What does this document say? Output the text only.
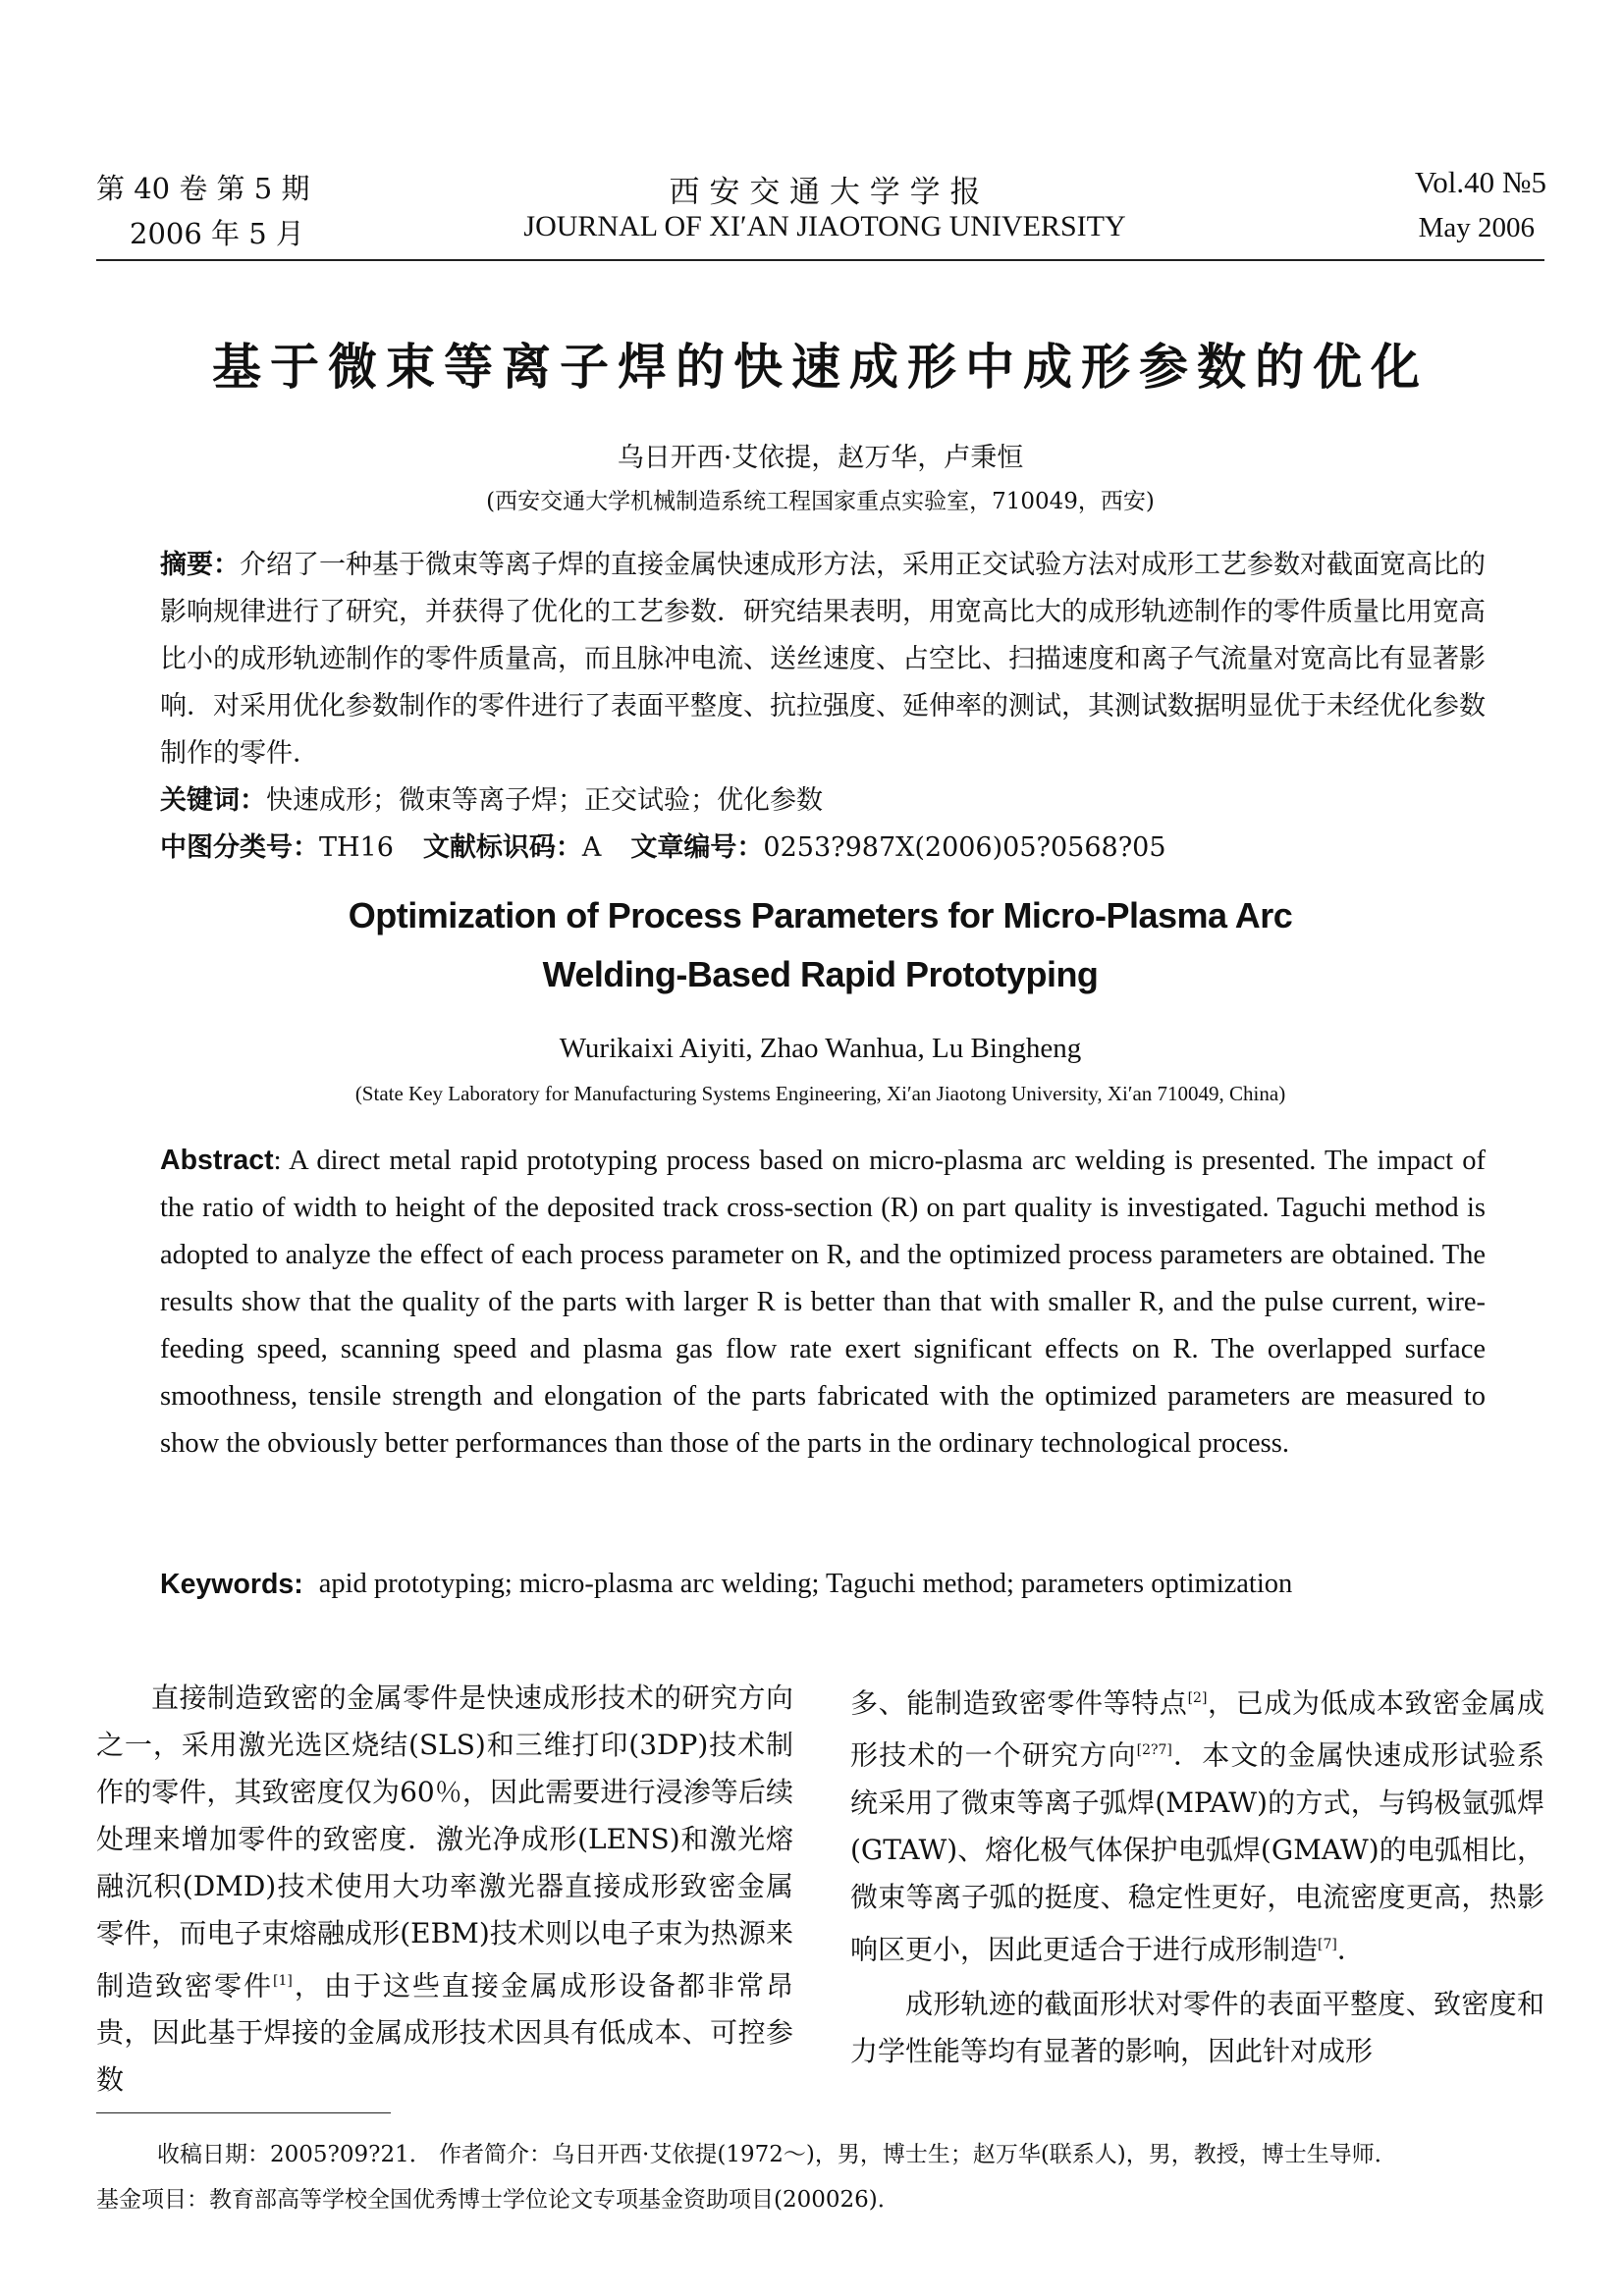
第 40 卷 第 5 期
2006 年 5 月
西 安 交 通 大 学 学 报
JOURNAL OF XI′AN JIAOTONG UNIVERSITY
Vol.40 №5
May 2006
基于微束等离子焊的快速成形中成形参数的优化
乌日开西·艾依提，赵万华，卢秉恒
(西安交通大学机械制造系统工程国家重点实验室，710049，西安)
摘要：介绍了一种基于微束等离子焊的直接金属快速成形方法，采用正交试验方法对成形工艺参数对截面宽高比的影响规律进行了研究，并获得了优化的工艺参数．研究结果表明，用宽高比大的成形轨迹制作的零件质量比用宽高比小的成形轨迹制作的零件质量高，而且脉冲电流、送丝速度、占空比、扫描速度和离子气流量对宽高比有显著影响．对采用优化参数制作的零件进行了表面平整度、抗拉强度、延伸率的测试，其测试数据明显优于未经优化参数制作的零件．
关键词：快速成形；微束等离子焊；正交试验；优化参数
中图分类号：TH16 文献标识码：A 文章编号：0253?987X(2006)05?0568?05
Optimization of Process Parameters for Micro-Plasma Arc
Welding-Based Rapid Prototyping
Wurikaixi Aiyiti, Zhao Wanhua, Lu Bingheng
(State Key Laboratory for Manufacturing Systems Engineering, Xi′an Jiaotong University, Xi′an 710049, China)
Abstract: A direct metal rapid prototyping process based on micro-plasma arc welding is presented. The impact of the ratio of width to height of the deposited track cross-section (R) on part quality is investigated. Taguchi method is adopted to analyze the effect of each process parameter on R, and the optimized process parameters are obtained. The results show that the quality of the parts with larger R is better than that with smaller R, and the pulse current, wire-feeding speed, scanning speed and plasma gas flow rate exert significant effects on R. The overlapped surface smoothness, tensile strength and elongation of the parts fabricated with the optimized parameters are measured to show the obviously better performances than those of the parts in the ordinary technological process.
Keywords: apid prototyping; micro-plasma arc welding; Taguchi method; parameters optimization

直接制造致密的金属零件是快速成形技术的研究方向之一，采用激光选区烧结(SLS)和三维打印(3DP)技术制作的零件，其致密度仅为60％，因此需要进行浸渗等后续处理来增加零件的致密度．激光净成形(LENS)和激光熔融沉积(DMD)技术使用大功率激光器直接成形致密金属零件，而电子束熔融成形(EBM)技术则以电子束为热源来制造致密零件[1]，由于这些直接金属成形设备都非常昂贵，因此基于焊接的金属成形技术因具有低成本、可控参数

多、能制造致密零件等特点[2]，已成为低成本致密金属成形技术的一个研究方向[2?7]．本文的金属快速成形试验系统采用了微束等离子弧焊(MPAW)的方式，与钨极氩弧焊(GTAW)、熔化极气体保护电弧焊(GMAW)的电弧相比，微束等离子弧的挺度、稳定性更好，电流密度更高，热影响区更小，因此更适合于进行成形制造[7]．

成形轨迹的截面形状对零件的表面平整度、致密度和力学性能等均有显著的影响，因此针对成形

收稿日期：2005?09?21． 作者简介：乌日开西·艾依提(1972～)，男，博士生；赵万华(联系人)，男，教授，博士生导师．
基金项目：教育部高等学校全国优秀博士学位论文专项基金资助项目(200026)．
